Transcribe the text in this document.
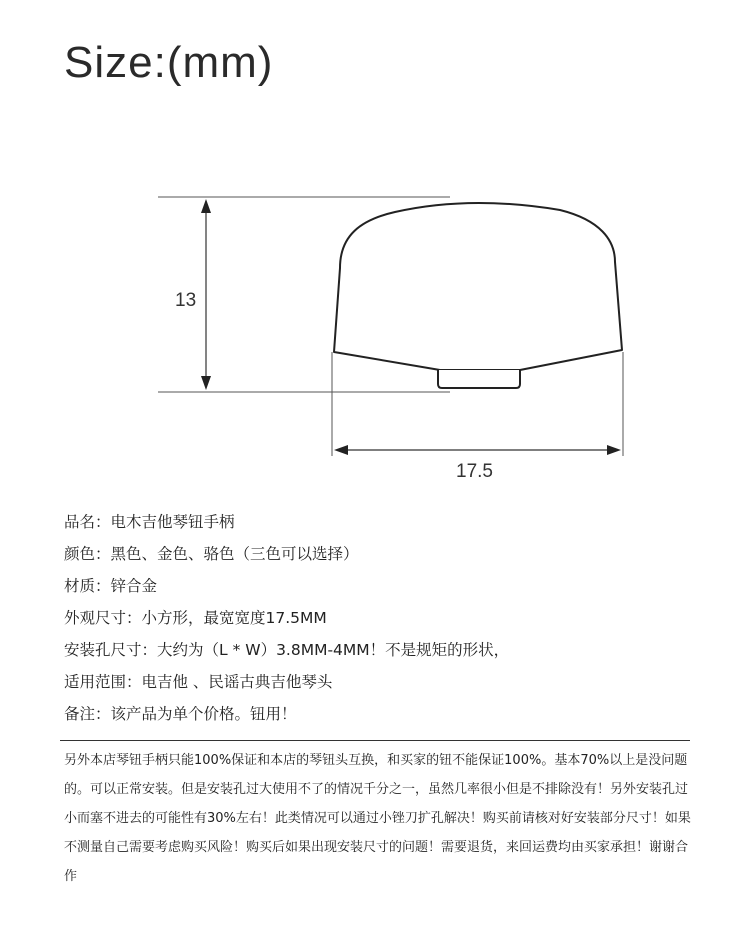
Size:(mm)
13
17.5
品名：电木吉他琴钮手柄
颜色：黑色、金色、骆色（三色可以选择）
材质：锌合金
外观尺寸：小方形，最宽宽度17.5MM
安装孔尺寸：大约为（L * W）3.8MM-4MM！不是规矩的形状，
适用范围：电吉他 、民谣古典吉他琴头
备注：该产品为单个价格。钮用！

另外本店琴钮手柄只能100%保证和本店的琴钮头互换，和买家的钮不能保证100%。基本70%以上是没问题的。可以正常安装。但是安装孔过大使用不了的情况千分之一，虽然几率很小但是不排除没有！另外安装孔过小而塞不进去的可能性有30%左右！此类情况可以通过小锉刀扩孔解决！购买前请核对好安装部分尺寸！如果不测量自己需要考虑购买风险！购买后如果出现安装尺寸的问题！需要退货，来回运费均由买家承担！谢谢合作
